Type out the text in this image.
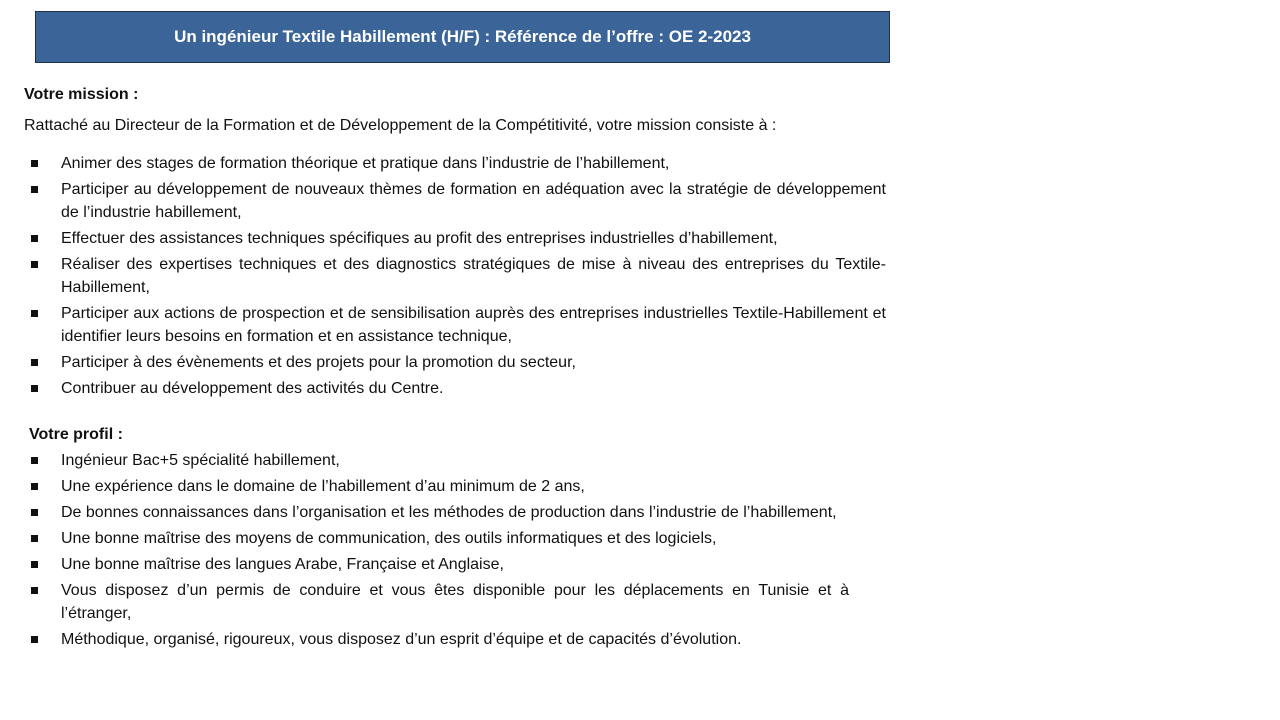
Un ingénieur Textile Habillement (H/F) : Référence de l’offre : OE 2-2023
Votre mission :

Rattaché au Directeur de la Formation et de Développement de la Compétitivité, votre mission consiste à :

Animer des stages de formation théorique et pratique dans l’industrie de l’habillement,
Participer au développement de nouveaux thèmes de formation en adéquation avec la stratégie de développement de l’industrie habillement,
Effectuer des assistances techniques spécifiques au profit des entreprises industrielles d’habillement,
Réaliser des expertises techniques et des diagnostics stratégiques de mise à niveau des entreprises du Textile-Habillement,
Participer aux actions de prospection et de sensibilisation auprès des entreprises industrielles Textile-Habillement et identifier leurs besoins en formation et en assistance technique,
Participer à des évènements et des projets pour la promotion du secteur,
Contribuer au développement des activités du Centre.
Votre profil :
Ingénieur Bac+5 spécialité habillement,
Une expérience dans le domaine de l’habillement d’au minimum de 2 ans,
De bonnes connaissances dans l’organisation et les méthodes de production dans l’industrie de l’habillement,
Une bonne maîtrise des moyens de communication, des outils informatiques et des logiciels,
Une bonne maîtrise des langues Arabe, Française et Anglaise,
Vous disposez d’un permis de conduire et vous êtes disponible pour les déplacements en Tunisie et à l’étranger,
Méthodique, organisé, rigoureux, vous disposez d’un esprit d’équipe et de capacités d’évolution.
